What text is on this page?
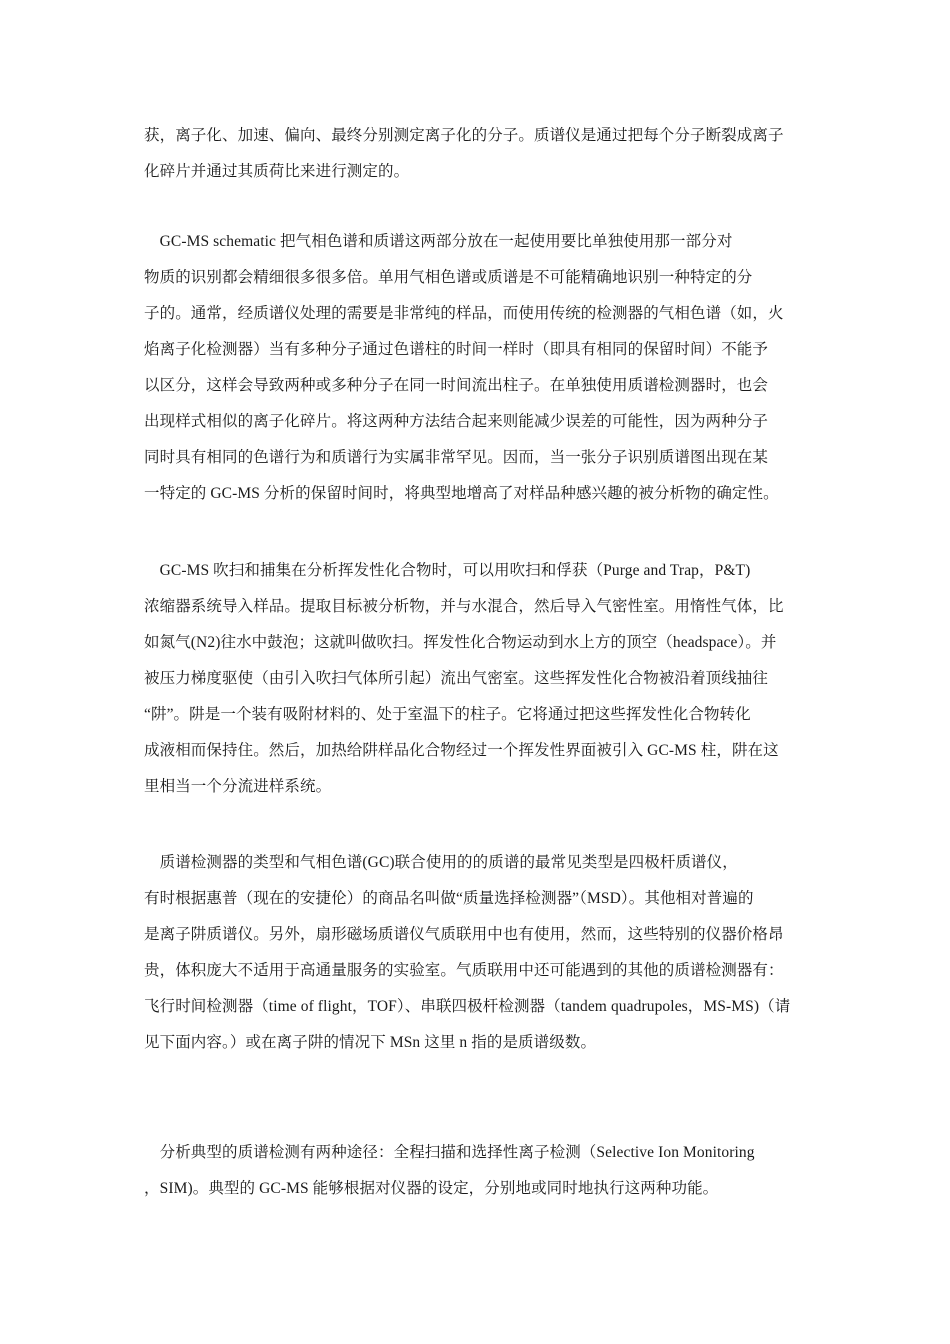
获，离子化、加速、偏向、最终分别测定离子化的分子。质谱仪是通过把每个分子断裂成离子
化碎片并通过其质荷比来进行测定的。
　GC-MS schematic 把气相色谱和质谱这两部分放在一起使用要比单独使用那一部分对
物质的识别都会精细很多很多倍。单用气相色谱或质谱是不可能精确地识别一种特定的分
子的。通常，经质谱仪处理的需要是非常纯的样品，而使用传统的检测器的气相色谱（如，火
焰离子化检测器）当有多种分子通过色谱柱的时间一样时（即具有相同的保留时间）不能予
以区分，这样会导致两种或多种分子在同一时间流出柱子。在单独使用质谱检测器时，也会
出现样式相似的离子化碎片。将这两种方法结合起来则能减少误差的可能性，因为两种分子
同时具有相同的色谱行为和质谱行为实属非常罕见。因而，当一张分子识别质谱图出现在某
一特定的 GC-MS 分析的保留时间时，将典型地增高了对样品种感兴趣的被分析物的确定性。
　GC-MS 吹扫和捕集在分析挥发性化合物时，可以用吹扫和俘获（Purge and Trap，P&T)
浓缩器系统导入样品。提取目标被分析物，并与水混合，然后导入气密性室。用惰性气体，比
如氮气(N2)往水中鼓泡；这就叫做吹扫。挥发性化合物运动到水上方的顶空（headspace）。并
被压力梯度驱使（由引入吹扫气体所引起）流出气密室。这些挥发性化合物被沿着顶线抽往
“阱”。阱是一个装有吸附材料的、处于室温下的柱子。它将通过把这些挥发性化合物转化
成液相而保持住。然后，加热给阱样品化合物经过一个挥发性界面被引入 GC-MS 柱，阱在这
里相当一个分流进样系统。
　质谱检测器的类型和气相色谱(GC)联合使用的的质谱的最常见类型是四极杆质谱仪，
有时根据惠普（现在的安捷伦）的商品名叫做“质量选择检测器”（MSD）。其他相对普遍的
是离子阱质谱仪。另外，扇形磁场质谱仪气质联用中也有使用，然而，这些特别的仪器价格昂
贵，体积庞大不适用于高通量服务的实验室。气质联用中还可能遇到的其他的质谱检测器有：
飞行时间检测器（time of flight，TOF）、串联四极杆检测器（tandem quadrupoles，MS-MS)（请
见下面内容。）或在离子阱的情况下 MSn 这里 n 指的是质谱级数。
　分析典型的质谱检测有两种途径：全程扫描和选择性离子检测（Selective Ion Monitoring
，SIM)。典型的 GC-MS 能够根据对仪器的设定，分别地或同时地执行这两种功能。
